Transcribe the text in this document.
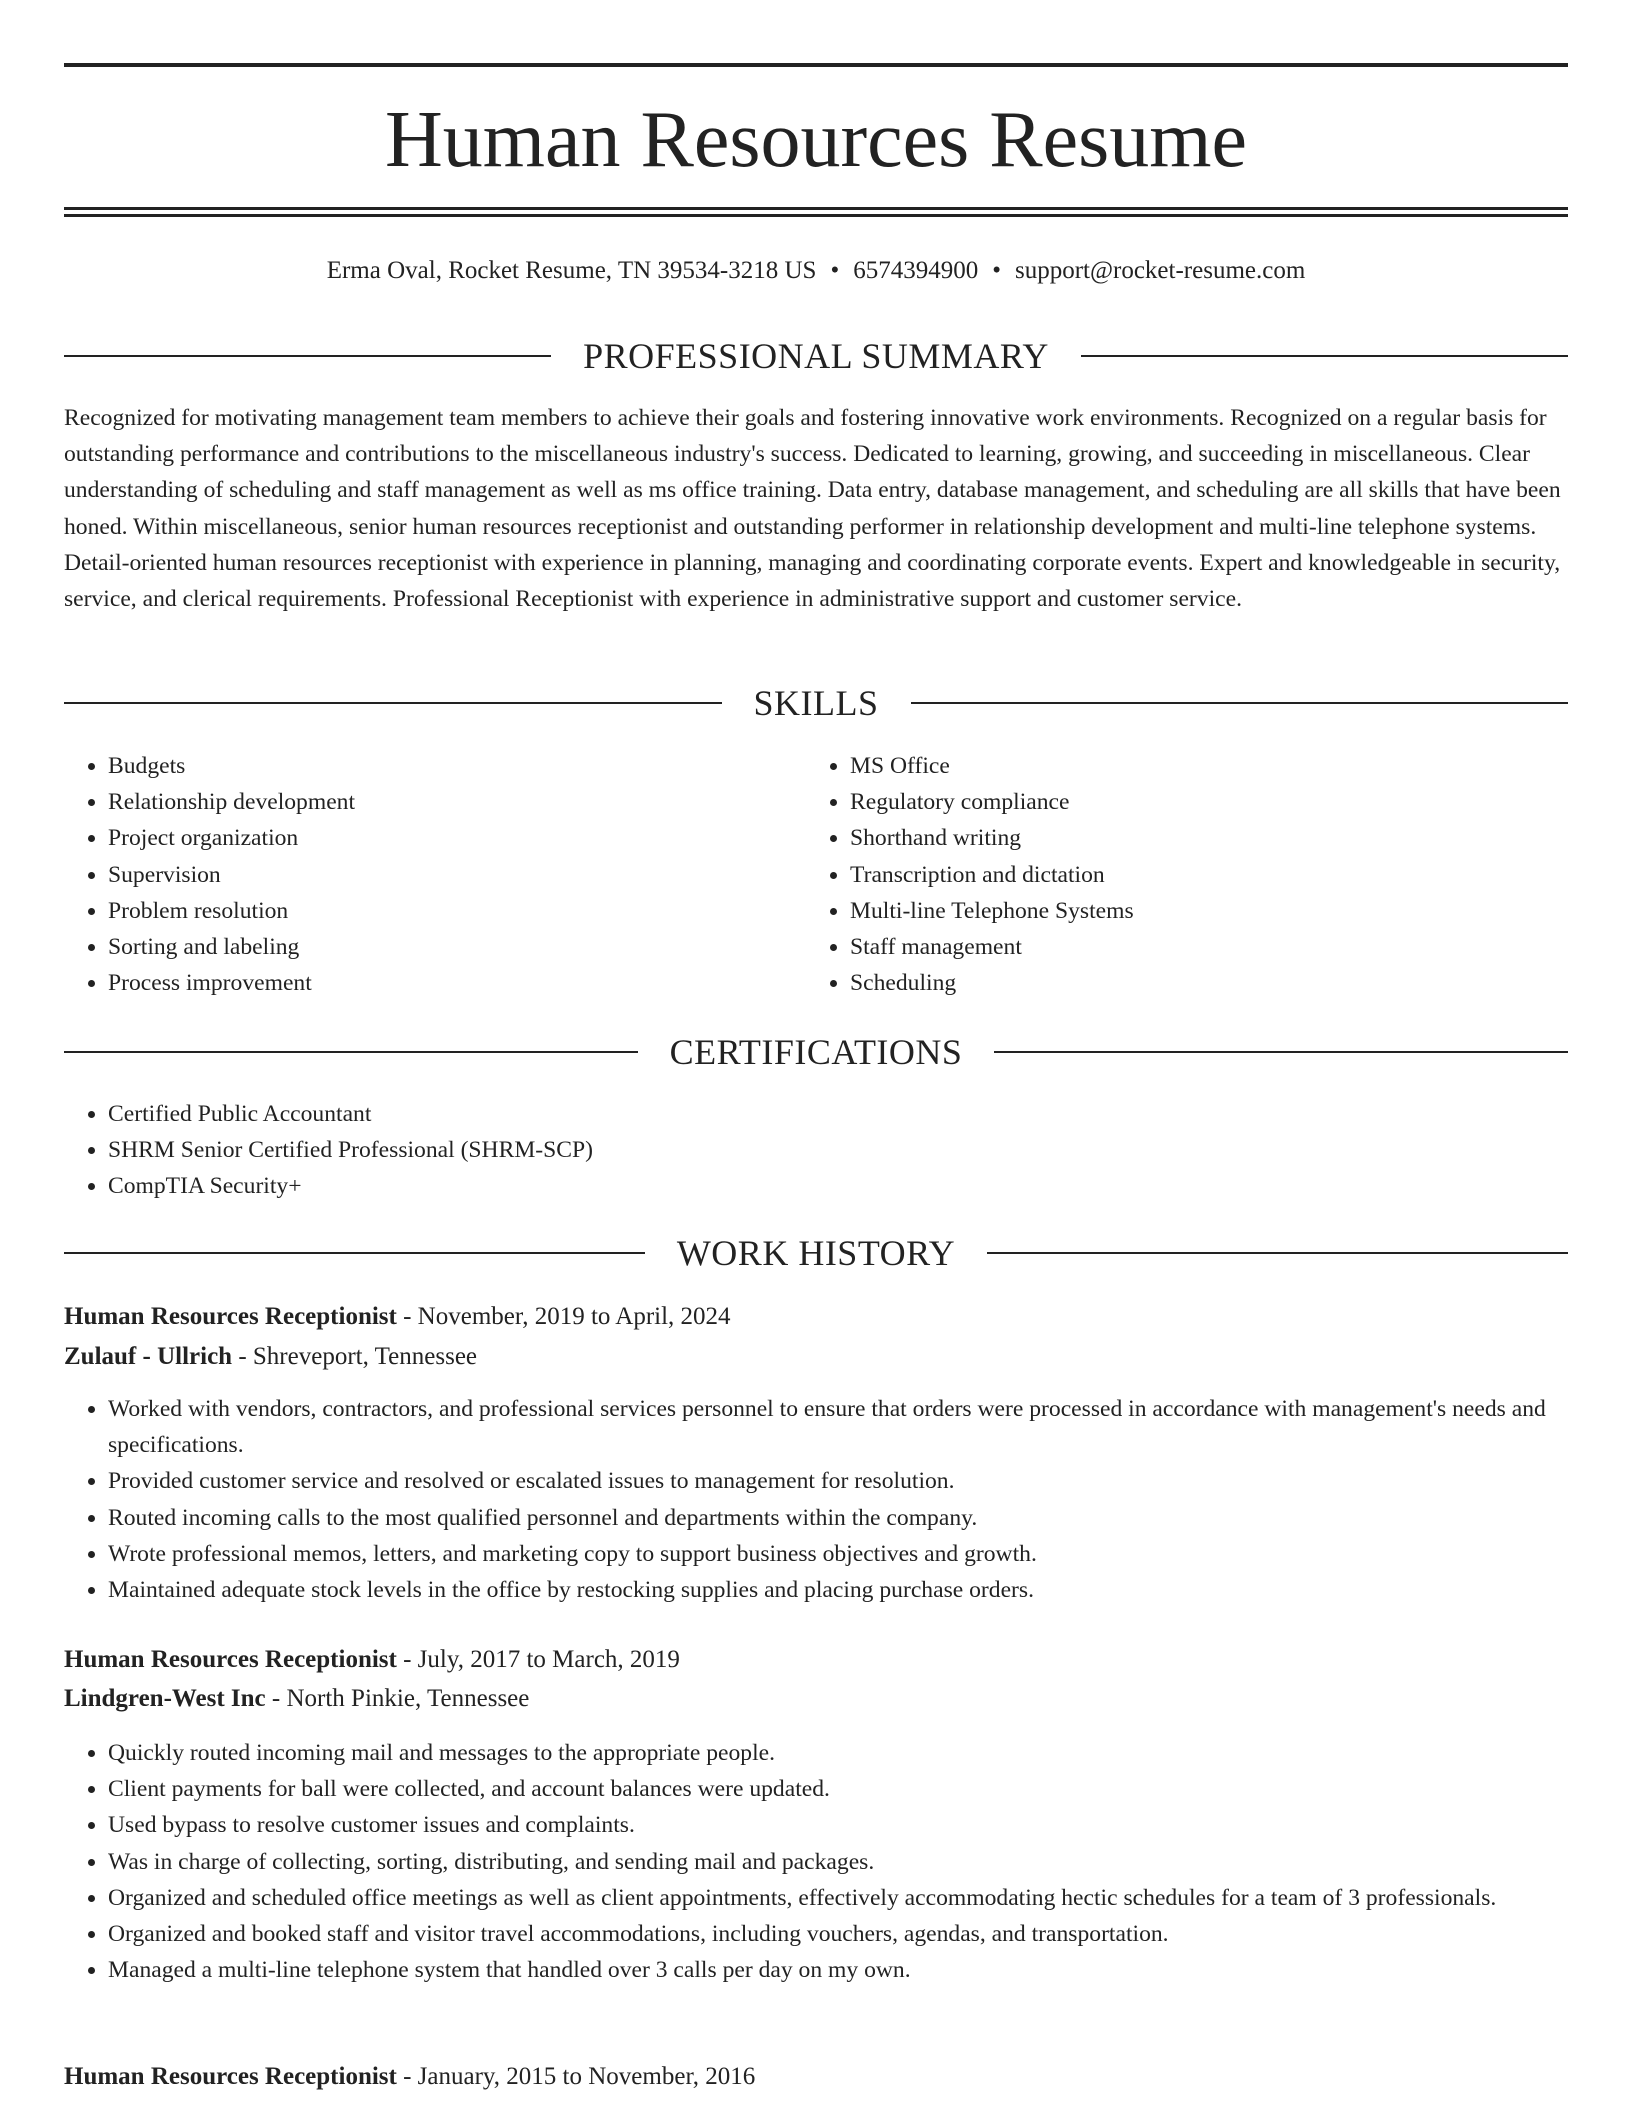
Human Resources Resume
Erma Oval, Rocket Resume, TN 39534-3218 US • 6574394900 • support@rocket-resume.com
PROFESSIONAL SUMMARY

Recognized for motivating management team members to achieve their goals and fostering innovative work environments. Recognized on a regular basis for outstanding performance and contributions to the miscellaneous industry's success. Dedicated to learning, growing, and succeeding in miscellaneous. Clear understanding of scheduling and staff management as well as ms office training. Data entry, database management, and scheduling are all skills that have been honed. Within miscellaneous, senior human resources receptionist and outstanding performer in relationship development and multi-line telephone systems. Detail-oriented human resources receptionist with experience in planning, managing and coordinating corporate events. Expert and knowledgeable in security, service, and clerical requirements. Professional Receptionist with experience in administrative support and customer service.

SKILLS
• Budgets
• Relationship development
• Project organization
• Supervision
• Problem resolution
• Sorting and labeling
• Process improvement
• MS Office
• Regulatory compliance
• Shorthand writing
• Transcription and dictation
• Multi-line Telephone Systems
• Staff management
• Scheduling
CERTIFICATIONS
• Certified Public Accountant
• SHRM Senior Certified Professional (SHRM-SCP)
• CompTIA Security+
WORK HISTORY
Human Resources Receptionist - November, 2019 to April, 2024
Zulauf - Ullrich - Shreveport, Tennessee
• Worked with vendors, contractors, and professional services personnel to ensure that orders were processed in accordance with management's needs and specifications.
• Provided customer service and resolved or escalated issues to management for resolution.
• Routed incoming calls to the most qualified personnel and departments within the company.
• Wrote professional memos, letters, and marketing copy to support business objectives and growth.
• Maintained adequate stock levels in the office by restocking supplies and placing purchase orders.
Human Resources Receptionist - July, 2017 to March, 2019
Lindgren-West Inc - North Pinkie, Tennessee
• Quickly routed incoming mail and messages to the appropriate people.
• Client payments for ball were collected, and account balances were updated.
• Used bypass to resolve customer issues and complaints.
• Was in charge of collecting, sorting, distributing, and sending mail and packages.
• Organized and scheduled office meetings as well as client appointments, effectively accommodating hectic schedules for a team of 3 professionals.
• Organized and booked staff and visitor travel accommodations, including vouchers, agendas, and transportation.
• Managed a multi-line telephone system that handled over 3 calls per day on my own.
Human Resources Receptionist - January, 2015 to November, 2016
